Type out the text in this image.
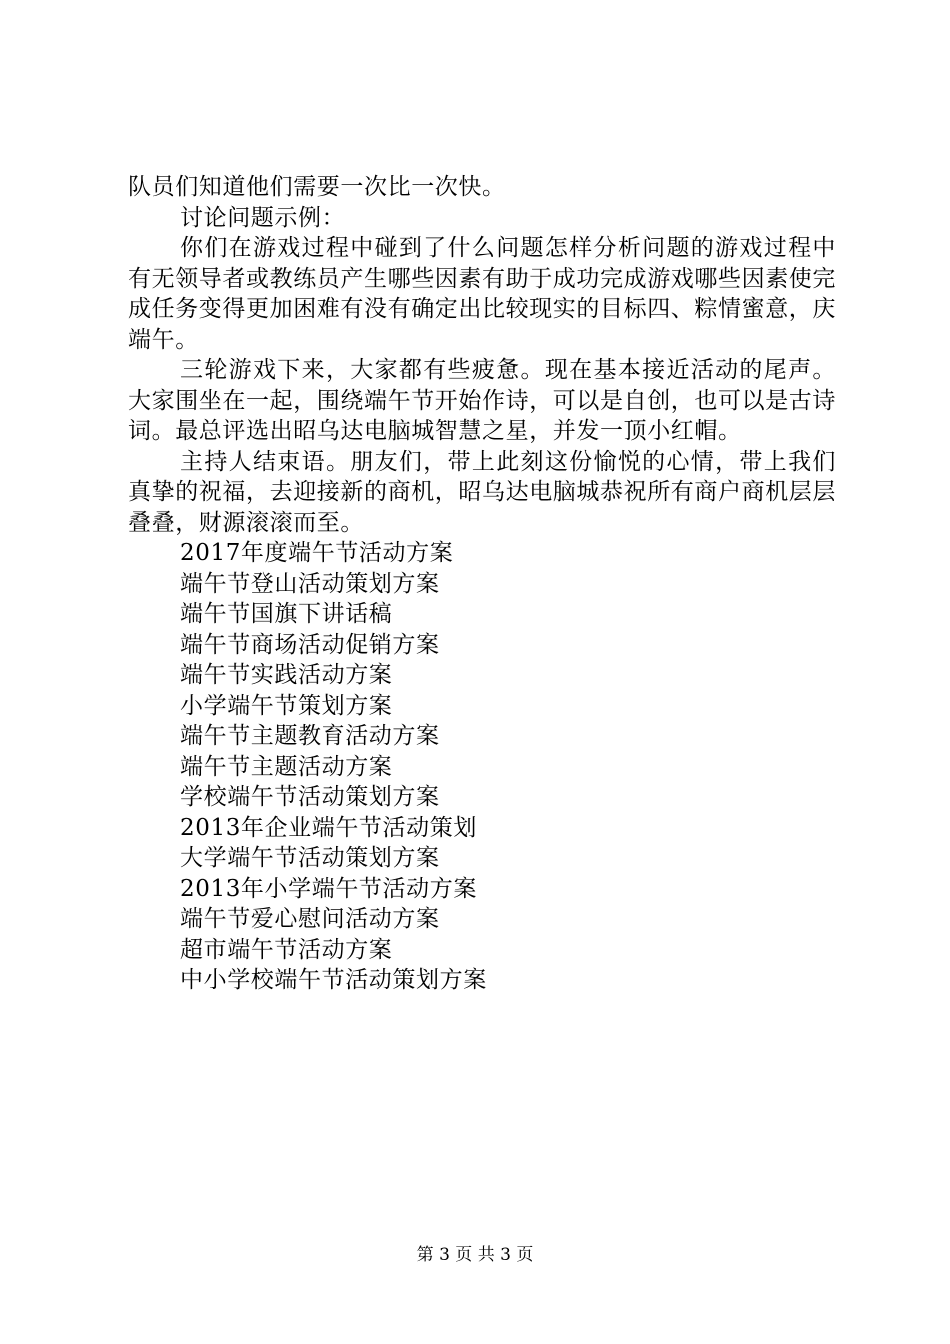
队员们知道他们需要一次比一次快。

讨论问题示例：

你们在游戏过程中碰到了什么问题怎样分析问题的游戏过程中有无领导者或教练员产生哪些因素有助于成功完成游戏哪些因素使完成任务变得更加困难有没有确定出比较现实的目标四、粽情蜜意，庆端午。

三轮游戏下来，大家都有些疲惫。现在基本接近活动的尾声。大家围坐在一起，围绕端午节开始作诗，可以是自创，也可以是古诗词。最总评选出昭乌达电脑城智慧之星，并发一顶小红帽。

主持人结束语。朋友们，带上此刻这份愉悦的心情，带上我们真挚的祝福，去迎接新的商机，昭乌达电脑城恭祝所有商户商机层层叠叠，财源滚滚而至。

2017年度端午节活动方案
端午节登山活动策划方案
端午节国旗下讲话稿
端午节商场活动促销方案
端午节实践活动方案
小学端午节策划方案
端午节主题教育活动方案
端午节主题活动方案
学校端午节活动策划方案
2013年企业端午节活动策划
大学端午节活动策划方案
2013年小学端午节活动方案
端午节爱心慰问活动方案
超市端午节活动方案
中小学校端午节活动策划方案
第 3 页 共 3 页
